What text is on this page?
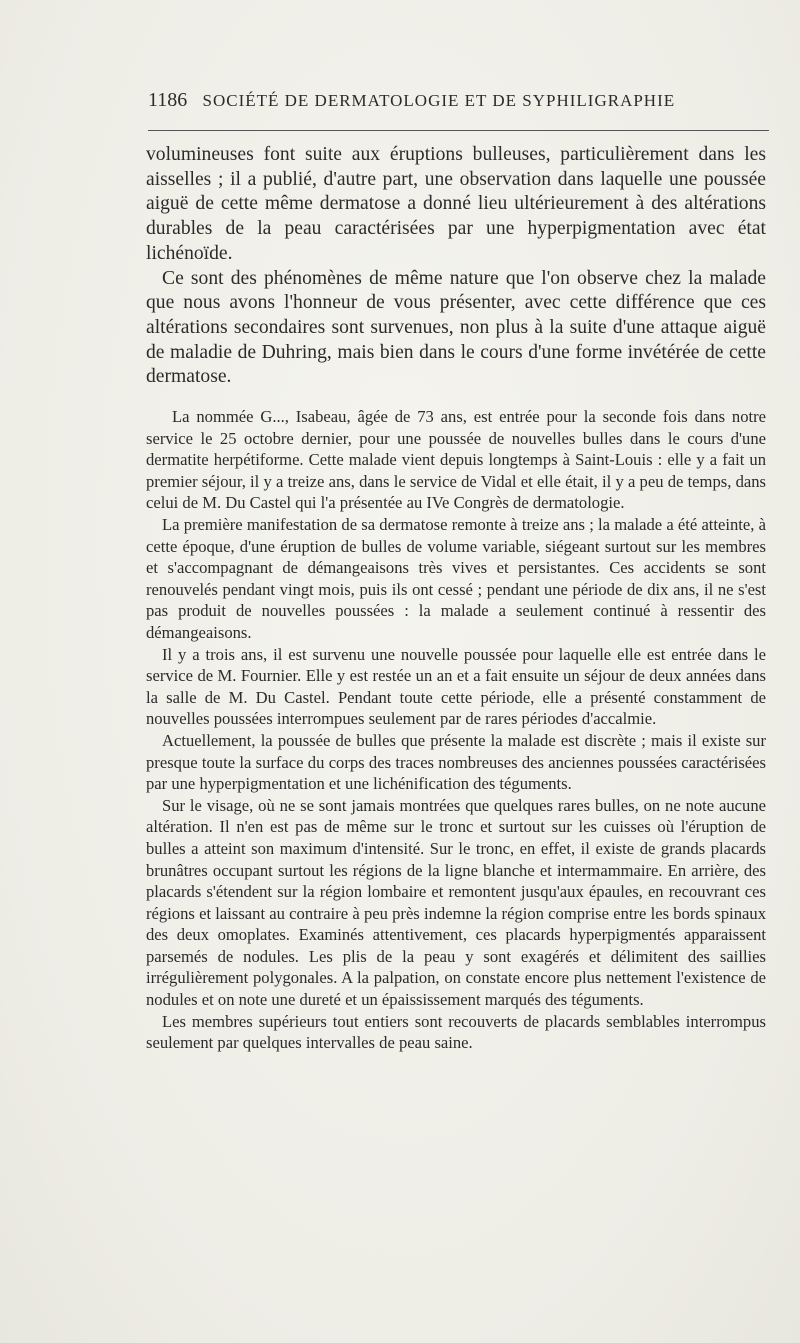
1186 SOCIÉTÉ DE DERMATOLOGIE ET DE SYPHILIGRAPHIE

volumineuses font suite aux éruptions bulleuses, particulièrement dans les aisselles ; il a publié, d'autre part, une observation dans laquelle une poussée aiguë de cette même dermatose a donné lieu ultérieurement à des altérations durables de la peau caractérisées par une hyperpigmentation avec état lichénoïde.

Ce sont des phénomènes de même nature que l'on observe chez la malade que nous avons l'honneur de vous présenter, avec cette différence que ces altérations secondaires sont survenues, non plus à la suite d'une attaque aiguë de maladie de Duhring, mais bien dans le cours d'une forme invétérée de cette dermatose.

La nommée G..., Isabeau, âgée de 73 ans, est entrée pour la seconde fois dans notre service le 25 octobre dernier, pour une poussée de nouvelles bulles dans le cours d'une dermatite herpétiforme. Cette malade vient depuis longtemps à Saint-Louis : elle y a fait un premier séjour, il y a treize ans, dans le service de Vidal et elle était, il y a peu de temps, dans celui de M. Du Castel qui l'a présentée au IVe Congrès de dermatologie.

La première manifestation de sa dermatose remonte à treize ans ; la malade a été atteinte, à cette époque, d'une éruption de bulles de volume variable, siégeant surtout sur les membres et s'accompagnant de démangeaisons très vives et persistantes. Ces accidents se sont renouvelés pendant vingt mois, puis ils ont cessé ; pendant une période de dix ans, il ne s'est pas produit de nouvelles poussées : la malade a seulement continué à ressentir des démangeaisons.

Il y a trois ans, il est survenu une nouvelle poussée pour laquelle elle est entrée dans le service de M. Fournier. Elle y est restée un an et a fait ensuite un séjour de deux années dans la salle de M. Du Castel. Pendant toute cette période, elle a présenté constamment de nouvelles poussées interrompues seulement par de rares périodes d'accalmie.

Actuellement, la poussée de bulles que présente la malade est discrète ; mais il existe sur presque toute la surface du corps des traces nombreuses des anciennes poussées caractérisées par une hyperpigmentation et une lichénification des téguments.

Sur le visage, où ne se sont jamais montrées que quelques rares bulles, on ne note aucune altération. Il n'en est pas de même sur le tronc et surtout sur les cuisses où l'éruption de bulles a atteint son maximum d'intensité. Sur le tronc, en effet, il existe de grands placards brunâtres occupant surtout les régions de la ligne blanche et intermammaire. En arrière, des placards s'étendent sur la région lombaire et remontent jusqu'aux épaules, en recouvrant ces régions et laissant au contraire à peu près indemne la région comprise entre les bords spinaux des deux omoplates. Examinés attentivement, ces placards hyperpigmentés apparaissent parsemés de nodules. Les plis de la peau y sont exagérés et délimitent des saillies irrégulièrement polygonales. A la palpation, on constate encore plus nettement l'existence de nodules et on note une dureté et un épaississement marqués des téguments.

Les membres supérieurs tout entiers sont recouverts de placards semblables interrompus seulement par quelques intervalles de peau saine.
